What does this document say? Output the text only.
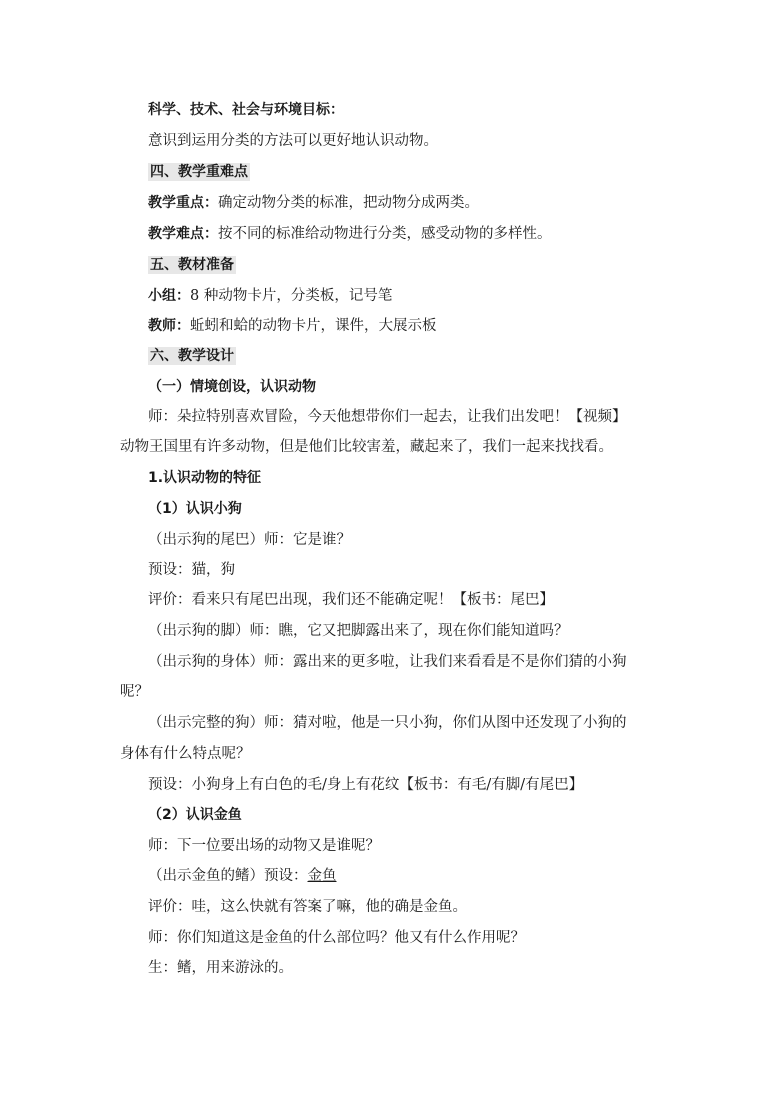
科学、技术、社会与环境目标：
意识到运用分类的方法可以更好地认识动物。
四、教学重难点
教学重点：确定动物分类的标准，把动物分成两类。
教学难点：按不同的标准给动物进行分类，感受动物的多样性。
五、教材准备
小组：8 种动物卡片，分类板，记号笔
教师：蚯蚓和蛤的动物卡片，课件，大展示板
六、教学设计
（一）情境创设，认识动物
师：朵拉特别喜欢冒险，今天他想带你们一起去，让我们出发吧！【视频】
动物王国里有许多动物，但是他们比较害羞，藏起来了，我们一起来找找看。
1.认识动物的特征
（1）认识小狗
（出示狗的尾巴）师：它是谁？
预设：猫，狗
评价：看来只有尾巴出现，我们还不能确定呢！【板书：尾巴】
（出示狗的脚）师：瞧，它又把脚露出来了，现在你们能知道吗？
（出示狗的身体）师：露出来的更多啦，让我们来看看是不是你们猜的小狗
呢？
（出示完整的狗）师：猜对啦，他是一只小狗，你们从图中还发现了小狗的
身体有什么特点呢？
预设：小狗身上有白色的毛/身上有花纹【板书：有毛/有脚/有尾巴】
（2）认识金鱼
师：下一位要出场的动物又是谁呢？
（出示金鱼的鳍）预设：金鱼
评价：哇，这么快就有答案了嘛，他的确是金鱼。
师：你们知道这是金鱼的什么部位吗？他又有什么作用呢？
生：鳍，用来游泳的。
